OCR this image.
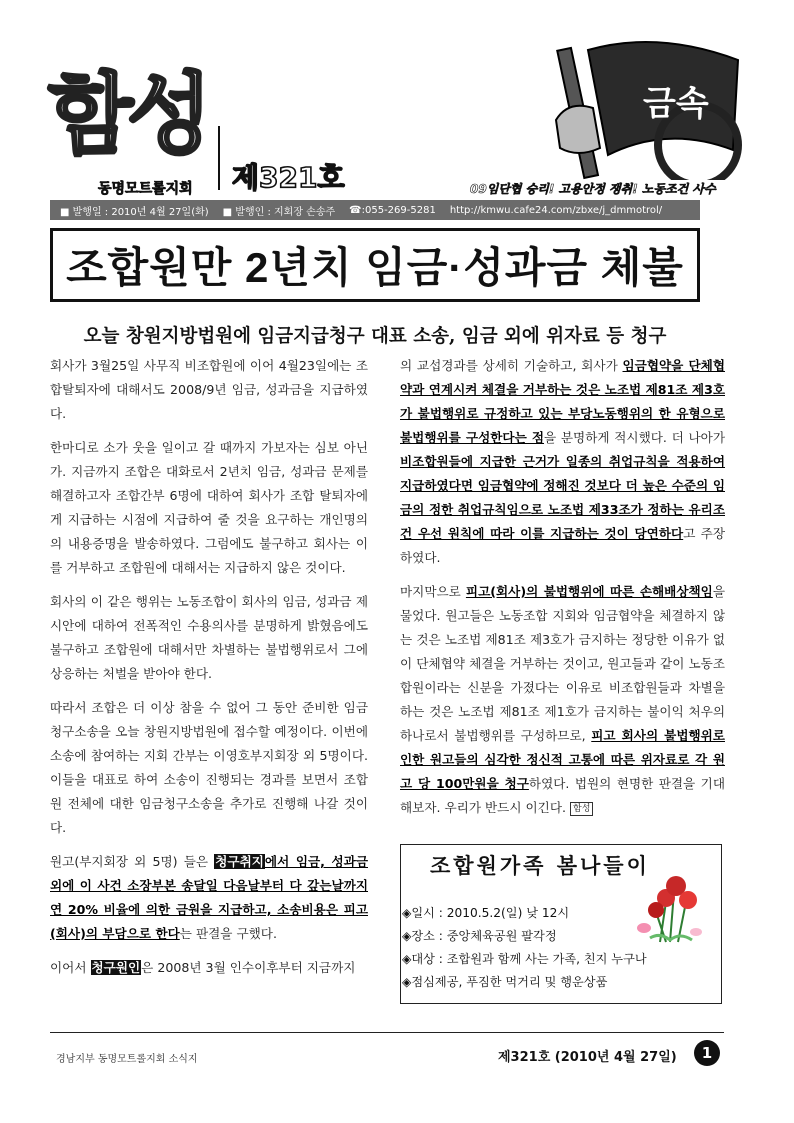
함성
동명모트롤지회 제321호
금속
09임단협 승리! 고용안정 쟁취! 노동조건 사수
■ 발행일 : 2010년 4월 27일(화) ■ 발행인 : 지회장 손송주 ☎:055-269-5281 http://kmwu.cafe24.com/zbxe/j_dmmotrol/
조합원만 2년치 임금·성과금 체불
오늘 창원지방법원에 임금지급청구 대표 소송, 임금 외에 위자료 등 청구

회사가 3월25일 사무직 비조합원에 이어 4월23일에는 조합탈퇴자에 대해서도 2008/9년 임금, 성과금을 지급하였다.

한마디로 소가 웃을 일이고 갈 때까지 가보자는 심보 아닌가. 지금까지 조합은 대화로서 2년치 임금, 성과금 문제를 해결하고자 조합간부 6명에 대하여 회사가 조합 탈퇴자에게 지급하는 시점에 지급하여 줄 것을 요구하는 개인명의의 내용증명을 발송하였다. 그럼에도 불구하고 회사는 이를 거부하고 조합원에 대해서는 지급하지 않은 것이다.

회사의 이 같은 행위는 노동조합이 회사의 임금, 성과금 제시안에 대하여 전폭적인 수용의사를 분명하게 밝혔음에도 불구하고 조합원에 대해서만 차별하는 불법행위로서 그에 상응하는 처벌을 받아야 한다.

따라서 조합은 더 이상 참을 수 없어 그 동안 준비한 임금청구소송을 오늘 창원지방법원에 접수할 예정이다. 이번에 소송에 참여하는 지회 간부는 이영호부지회장 외 5명이다. 이들을 대표로 하여 소송이 진행되는 경과를 보면서 조합원 전체에 대한 임금청구소송을 추가로 진행해 나갈 것이다.

원고(부지회장 외 5명) 들은 청구취지에서 임금, 성과금 외에 이 사건 소장부본 송달일 다음날부터 다 갚는날까지 연 20% 비율에 의한 금원을 지급하고, 소송비용은 피고(회사)의 부담으로 한다는 판결을 구했다.

이어서 청구원인은 2008년 3월 인수이후부터 지금까지

의 교섭경과를 상세히 기술하고, 회사가 임금협약을 단체협약과 연계시켜 체결을 거부하는 것은 노조법 제81조 제3호가 불법행위로 규정하고 있는 부당노동행위의 한 유형으로 불법행위를 구성한다는 점을 분명하게 적시했다. 더 나아가 비조합원들에 지급한 근거가 일종의 취업규칙을 적용하여 지급하였다면 임금협약에 정해진 것보다 더 높은 수준의 임금의 정한 취업규칙임으로 노조법 제33조가 정하는 유리조건 우선 원칙에 따라 이를 지급하는 것이 당연하다고 주장하였다.

마지막으로 피고(회사)의 불법행위에 따른 손해배상책임을 물었다. 원고들은 노동조합 지회와 임금협약을 체결하지 않는 것은 노조법 제81조 제3호가 금지하는 정당한 이유가 없이 단체협약 체결을 거부하는 것이고, 원고들과 같이 노동조합원이라는 신분을 가졌다는 이유로 비조합원들과 차별을 하는 것은 노조법 제81조 제1호가 금지하는 불이익 처우의 하나로서 불법행위를 구성하므로, 피고 회사의 불법행위로 인한 원고들의 심각한 정신적 고통에 따른 위자료로 각 원고 당 100만원을 청구하였다. 법원의 현명한 판결을 기대해보자. 우리가 반드시 이긴다. 함성

조합원가족 봄나들이
◈일시 : 2010.5.2(일) 낮 12시
◈장소 : 중앙체육공원 팔각정
◈대상 : 조합원과 함께 사는 가족, 친지 누구나
◈점심제공, 푸짐한 먹거리 및 행운상품
경남지부 동명모트롤지회 소식지	제321호 (2010년 4월 27일)	1
